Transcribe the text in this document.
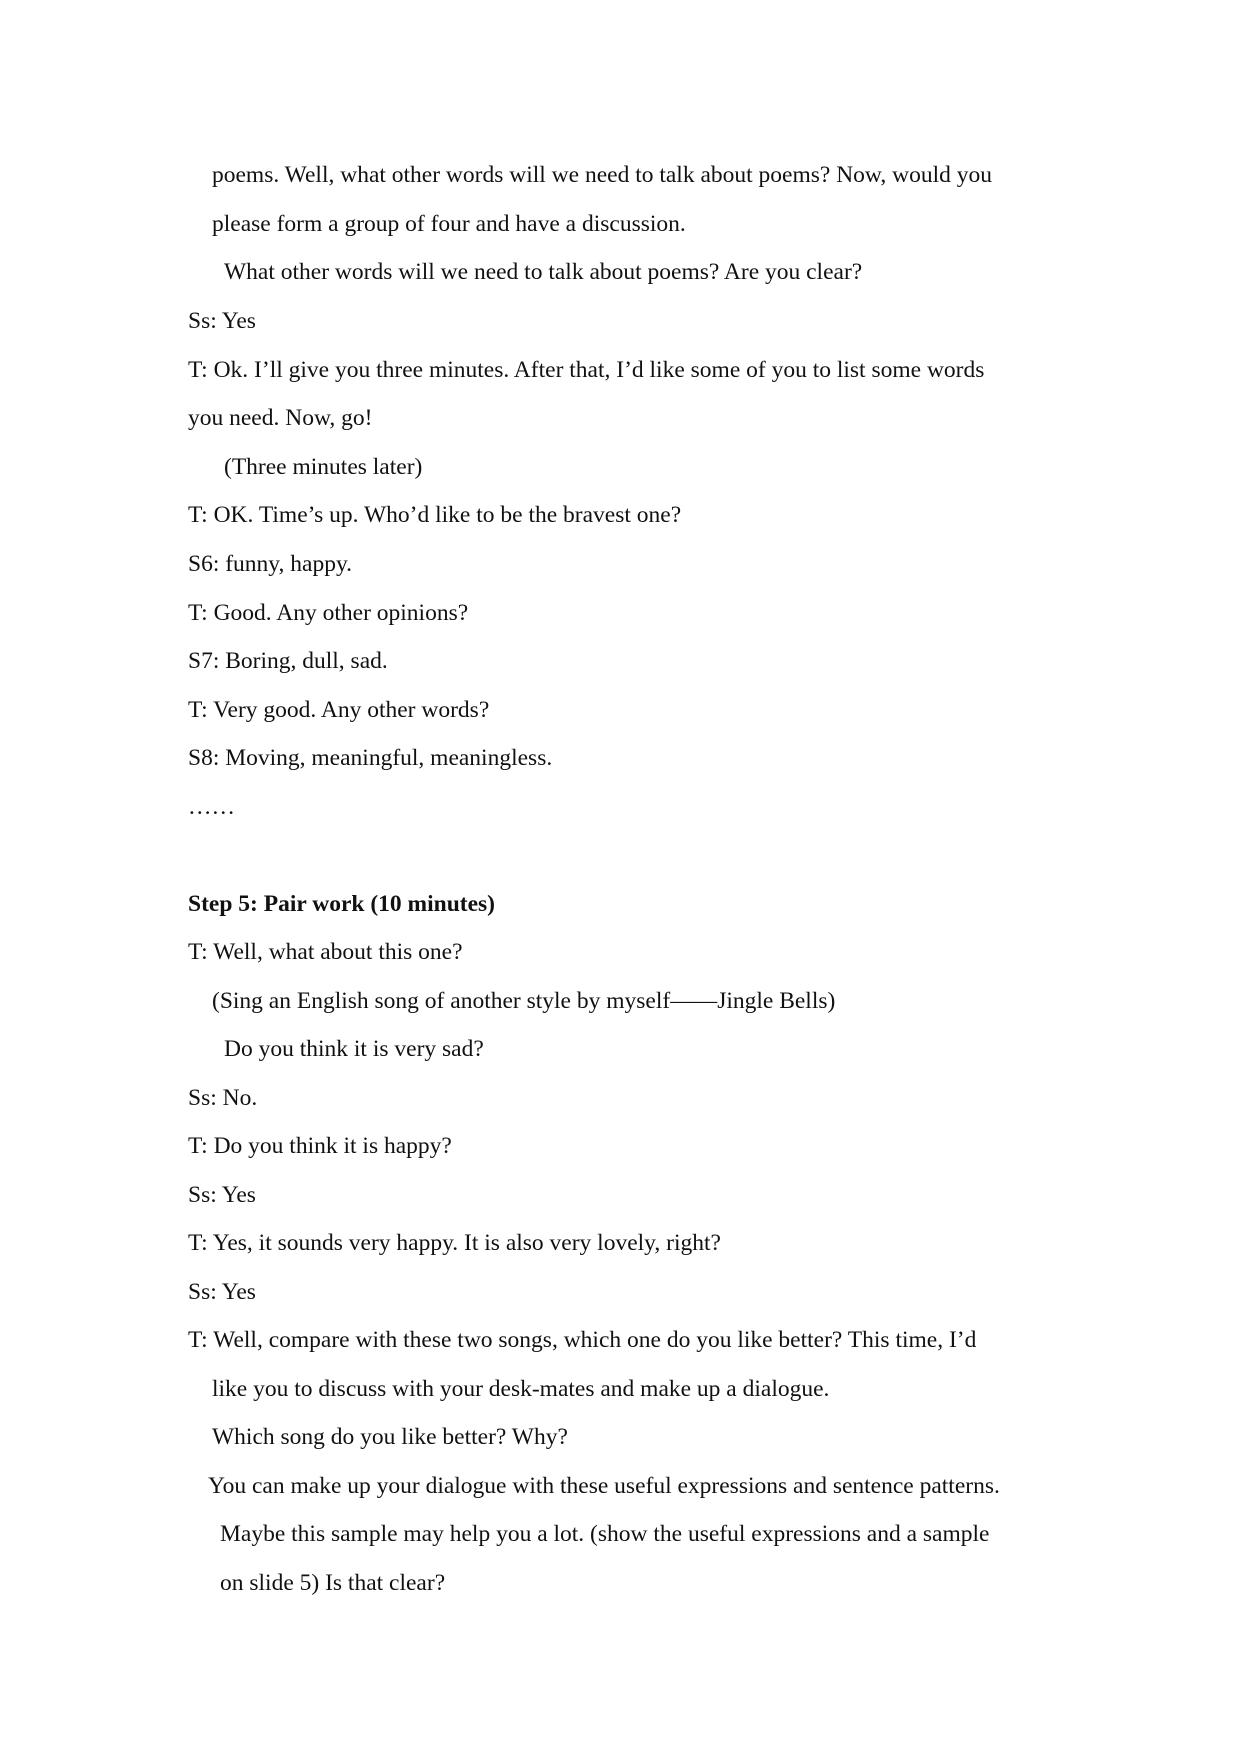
poems. Well, what other words will we need to talk about poems? Now, would you
please form a group of four and have a discussion.
What other words will we need to talk about poems? Are you clear?
Ss: Yes
T: Ok. I’ll give you three minutes. After that, I’d like some of you to list some words
you need. Now, go!
(Three minutes later)
T: OK. Time’s up. Who’d like to be the bravest one?
S6: funny, happy.
T: Good. Any other opinions?
S7: Boring, dull, sad.
T: Very good. Any other words?
S8: Moving, meaningful, meaningless.
……
Step 5: Pair work (10 minutes)
T: Well, what about this one?
(Sing an English song of another style by myself——Jingle Bells)
Do you think it is very sad?
Ss: No.
T: Do you think it is happy?
Ss: Yes
T: Yes, it sounds very happy. It is also very lovely, right?
Ss: Yes
T: Well, compare with these two songs, which one do you like better? This time, I’d
like you to discuss with your desk-mates and make up a dialogue.
Which song do you like better? Why?
You can make up your dialogue with these useful expressions and sentence patterns.
Maybe this sample may help you a lot. (show the useful expressions and a sample
on slide 5) Is that clear?
